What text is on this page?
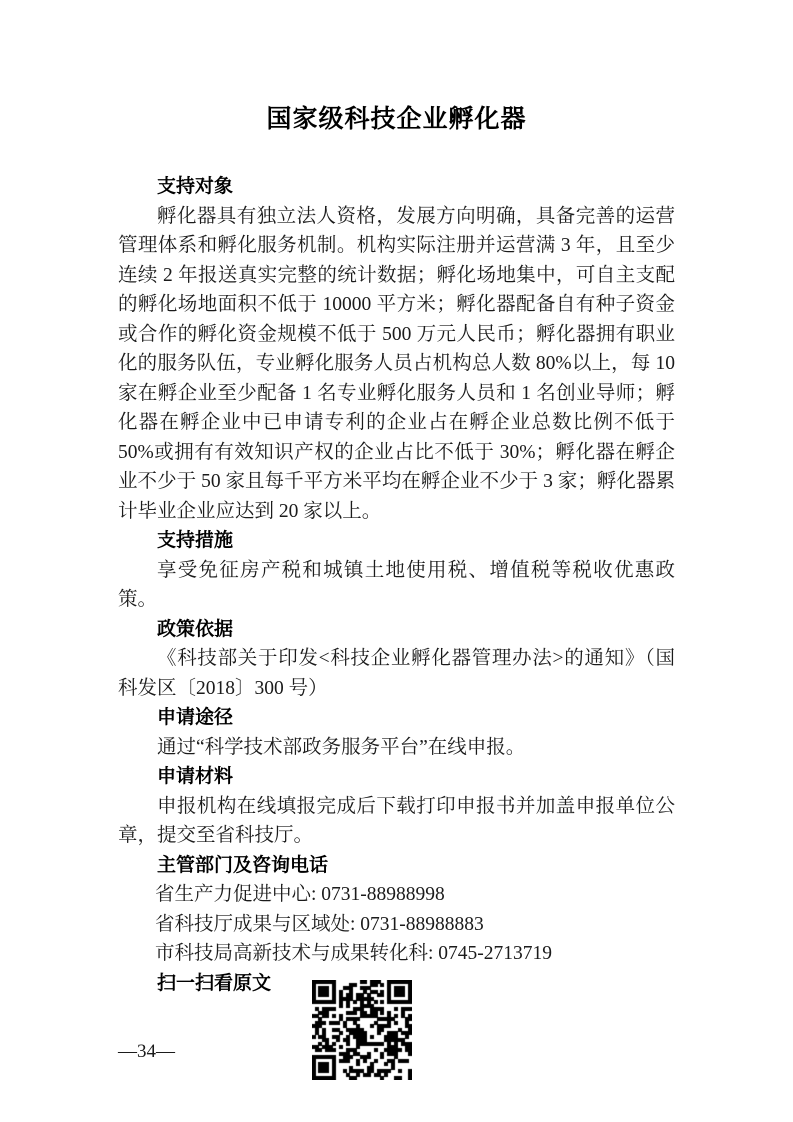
国家级科技企业孵化器
支持对象

孵化器具有独立法人资格，发展方向明确，具备完善的运营管理体系和孵化服务机制。机构实际注册并运营满 3 年，且至少连续 2 年报送真实完整的统计数据；孵化场地集中，可自主支配的孵化场地面积不低于 10000 平方米；孵化器配备自有种子资金或合作的孵化资金规模不低于 500 万元人民币；孵化器拥有职业化的服务队伍，专业孵化服务人员占机构总人数 80%以上，每 10 家在孵企业至少配备 1 名专业孵化服务人员和 1 名创业导师；孵化器在孵企业中已申请专利的企业占在孵企业总数比例不低于 50%或拥有有效知识产权的企业占比不低于 30%；孵化器在孵企业不少于 50 家且每千平方米平均在孵企业不少于 3 家；孵化器累计毕业企业应达到 20 家以上。

支持措施

享受免征房产税和城镇土地使用税、增值税等税收优惠政策。

政策依据

《科技部关于印发<科技企业孵化器管理办法>的通知》（国科发区〔2018〕300 号）

申请途径

通过“科学技术部政务服务平台”在线申报。

申请材料

申报机构在线填报完成后下载打印申报书并加盖申报单位公章，提交至省科技厅。

主管部门及咨询电话

省生产力促进中心: 0731-88988998

省科技厅成果与区域处: 0731-88988883

市科技局高新技术与成果转化科: 0745-2713719

扫一扫看原文
—34—
